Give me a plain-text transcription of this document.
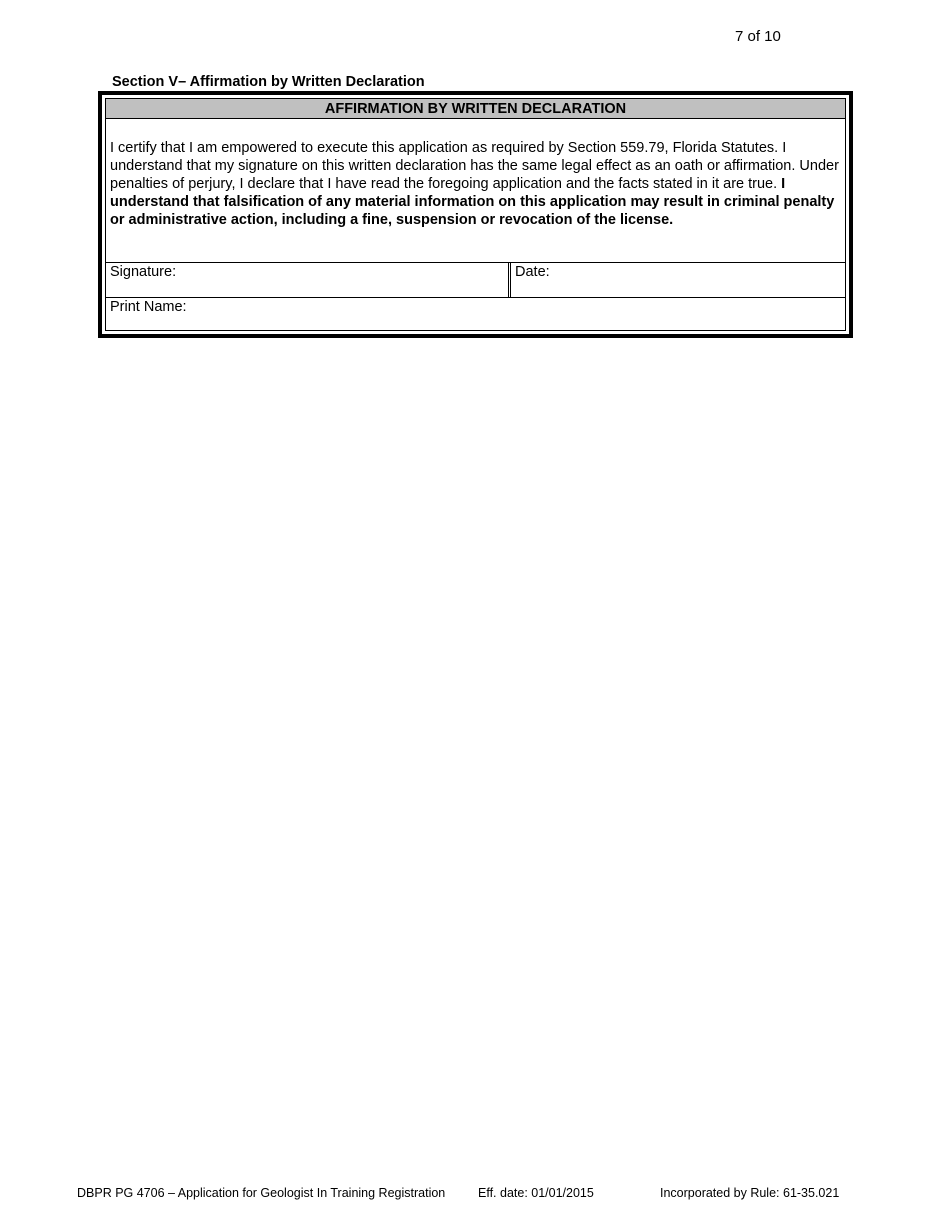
7 of 10
Section V– Affirmation by Written Declaration
AFFIRMATION BY WRITTEN DECLARATION
I certify that I am empowered to execute this application as required by Section 559.79, Florida Statutes. I understand that my signature on this written declaration has the same legal effect as an oath or affirmation. Under penalties of perjury, I declare that I have read the foregoing application and the facts stated in it are true. I understand that falsification of any material information on this application may result in criminal penalty or administrative action, including a fine, suspension or revocation of the license.
Signature:	Date:
Print Name:
DBPR PG 4706 – Application for Geologist In Training Registration	Eff. date: 01/01/2015	Incorporated by Rule: 61-35.021
